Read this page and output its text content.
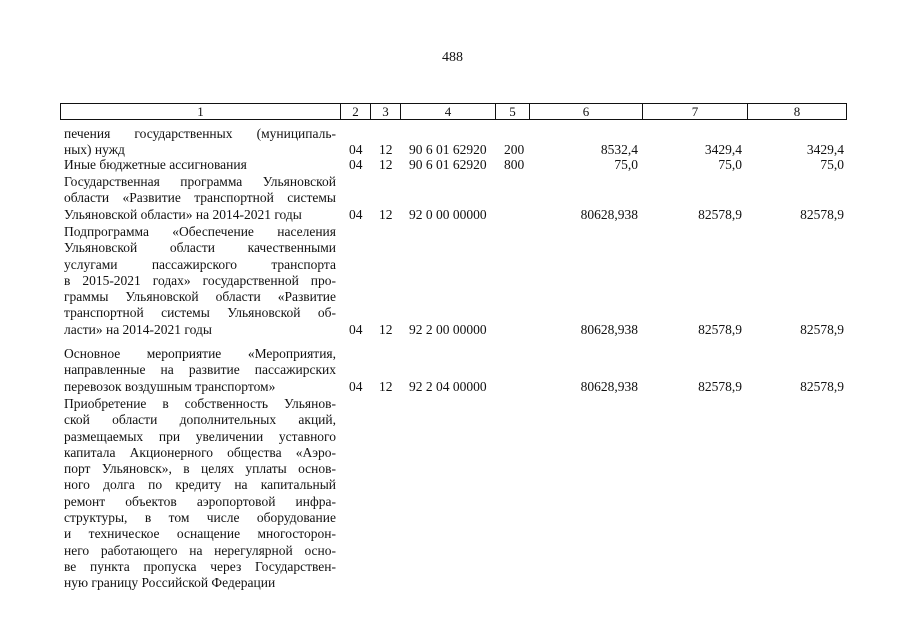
488
1	2	3	4	5	6	7	8
печения государственных (муниципаль-
ных) нужд	04 12 90 6 01 62920 200	8532,4	3429,4	3429,4
Иные бюджетные ассигнования	04 12 90 6 01 62920 800	75,0	75,0	75,0
Государственная программа Ульяновской
области «Развитие транспортной системы
Ульяновской области» на 2014-2021 годы	04 12 92 0 00 00000	80628,938	82578,9	82578,9
Подпрограмма «Обеспечение населения
Ульяновской области качественными
услугами пассажирского транспорта
в 2015-2021 годах» государственной про-
граммы Ульяновской области «Развитие
транспортной системы Ульяновской об-
ласти» на 2014-2021 годы	04 12 92 2 00 00000	80628,938	82578,9	82578,9
Основное мероприятие «Мероприятия,
направленные на развитие пассажирских
перевозок воздушным транспортом»	04 12 92 2 04 00000	80628,938	82578,9	82578,9
Приобретение в собственность Ульянов-
ской области дополнительных акций,
размещаемых при увеличении уставного
капитала Акционерного общества «Аэро-
порт Ульяновск», в целях уплаты основ-
ного долга по кредиту на капитальный
ремонт объектов аэропортовой инфра-
структуры, в том числе оборудование
и техническое оснащение многосторон-
него работающего на нерегулярной осно-
ве пункта пропуска через Государствен-
ную границу Российской Федерации
